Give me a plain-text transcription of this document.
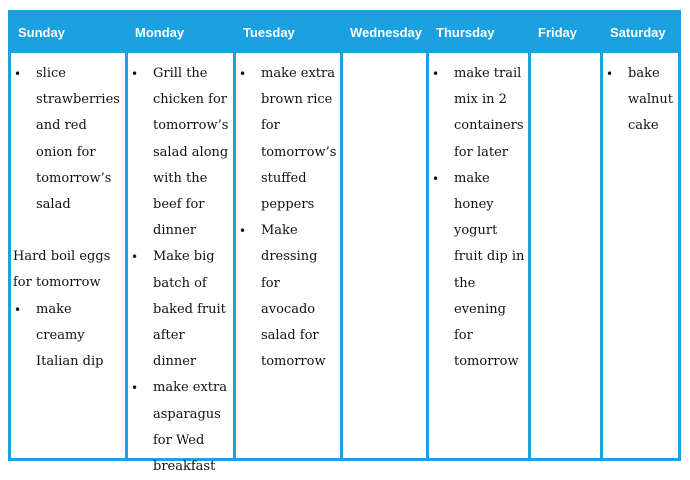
Sunday
• slice strawberries and red onion for tomorrow’s salad
Hard boil eggs for tomorrow
• make creamy Italian dip
Monday
• Grill the chicken for tomorrow’s salad along with the beef for dinner
• Make big batch of baked fruit after dinner
• make extra asparagus for Wed breakfast
Tuesday
• make extra brown rice for tomorrow’s stuffed peppers
• Make dressing for avocado salad for tomorrow
Wednesday	Thursday
• make trail mix in 2 containers for later
• make honey yogurt fruit dip in the evening for tomorrow
Friday	Saturday
• bake walnut cake
